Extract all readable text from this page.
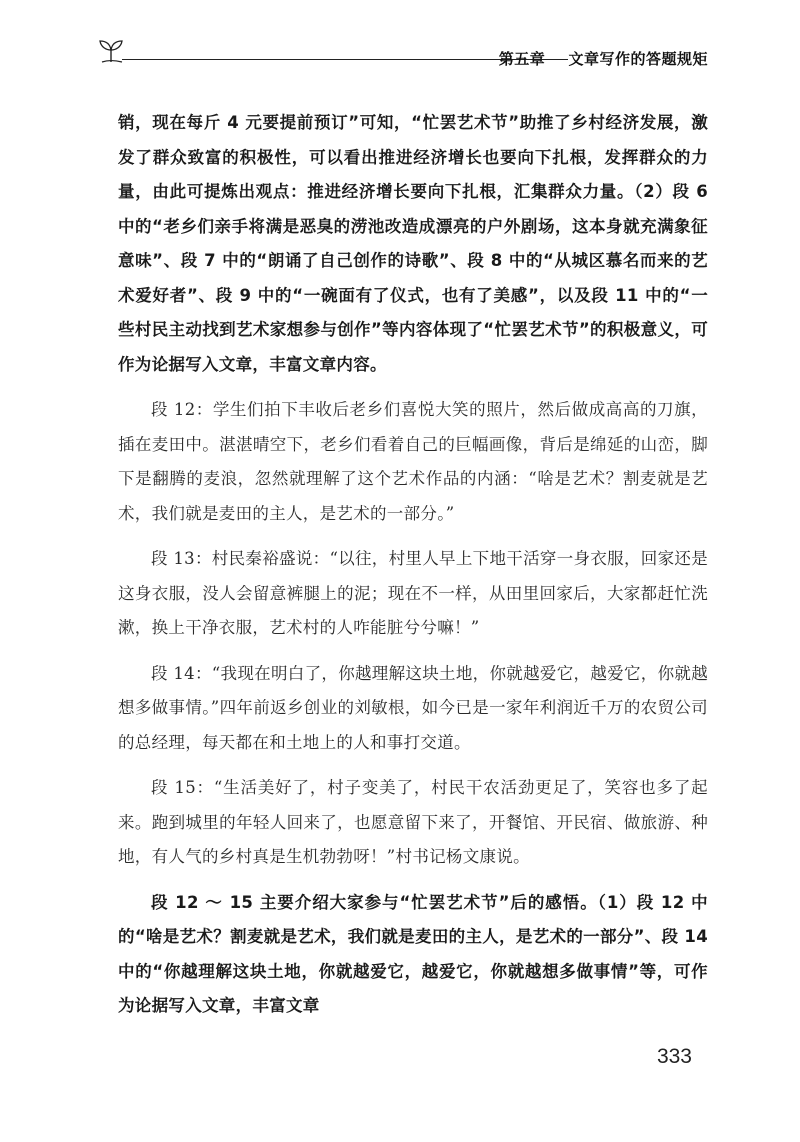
第五章 文章写作的答题规矩

销，现在每斤 4 元要提前预订”可知，“忙罢艺术节”助推了乡村经济发展，激发了群众致富的积极性，可以看出推进经济增长也要向下扎根，发挥群众的力量，由此可提炼出观点：推进经济增长要向下扎根，汇集群众力量。（2）段 6 中的“老乡们亲手将满是恶臭的涝池改造成漂亮的户外剧场，这本身就充满象征意味”、段 7 中的“朗诵了自己创作的诗歌”、段 8 中的“从城区慕名而来的艺术爱好者”、段 9 中的“一碗面有了仪式，也有了美感”，以及段 11 中的“一些村民主动找到艺术家想参与创作”等内容体现了“忙罢艺术节”的积极意义，可作为论据写入文章，丰富文章内容。

段 12：学生们拍下丰收后老乡们喜悦大笑的照片，然后做成高高的刀旗，插在麦田中。湛湛晴空下，老乡们看着自己的巨幅画像，背后是绵延的山峦，脚下是翻腾的麦浪，忽然就理解了这个艺术作品的内涵：“啥是艺术？割麦就是艺术，我们就是麦田的主人，是艺术的一部分。”

段 13：村民秦裕盛说：“以往，村里人早上下地干活穿一身衣服，回家还是这身衣服，没人会留意裤腿上的泥；现在不一样，从田里回家后，大家都赶忙洗漱，换上干净衣服，艺术村的人咋能脏兮兮嘛！”

段 14：“我现在明白了，你越理解这块土地，你就越爱它，越爱它，你就越想多做事情。”四年前返乡创业的刘敏根，如今已是一家年利润近千万的农贸公司的总经理，每天都在和土地上的人和事打交道。

段 15：“生活美好了，村子变美了，村民干农活劲更足了，笑容也多了起来。跑到城里的年轻人回来了，也愿意留下来了，开餐馆、开民宿、做旅游、种地，有人气的乡村真是生机勃勃呀！”村书记杨文康说。

段 12 ～ 15 主要介绍大家参与“忙罢艺术节”后的感悟。（1）段 12 中的“啥是艺术？割麦就是艺术，我们就是麦田的主人，是艺术的一部分”、段 14 中的“你越理解这块土地，你就越爱它，越爱它，你就越想多做事情”等，可作为论据写入文章，丰富文章

333
